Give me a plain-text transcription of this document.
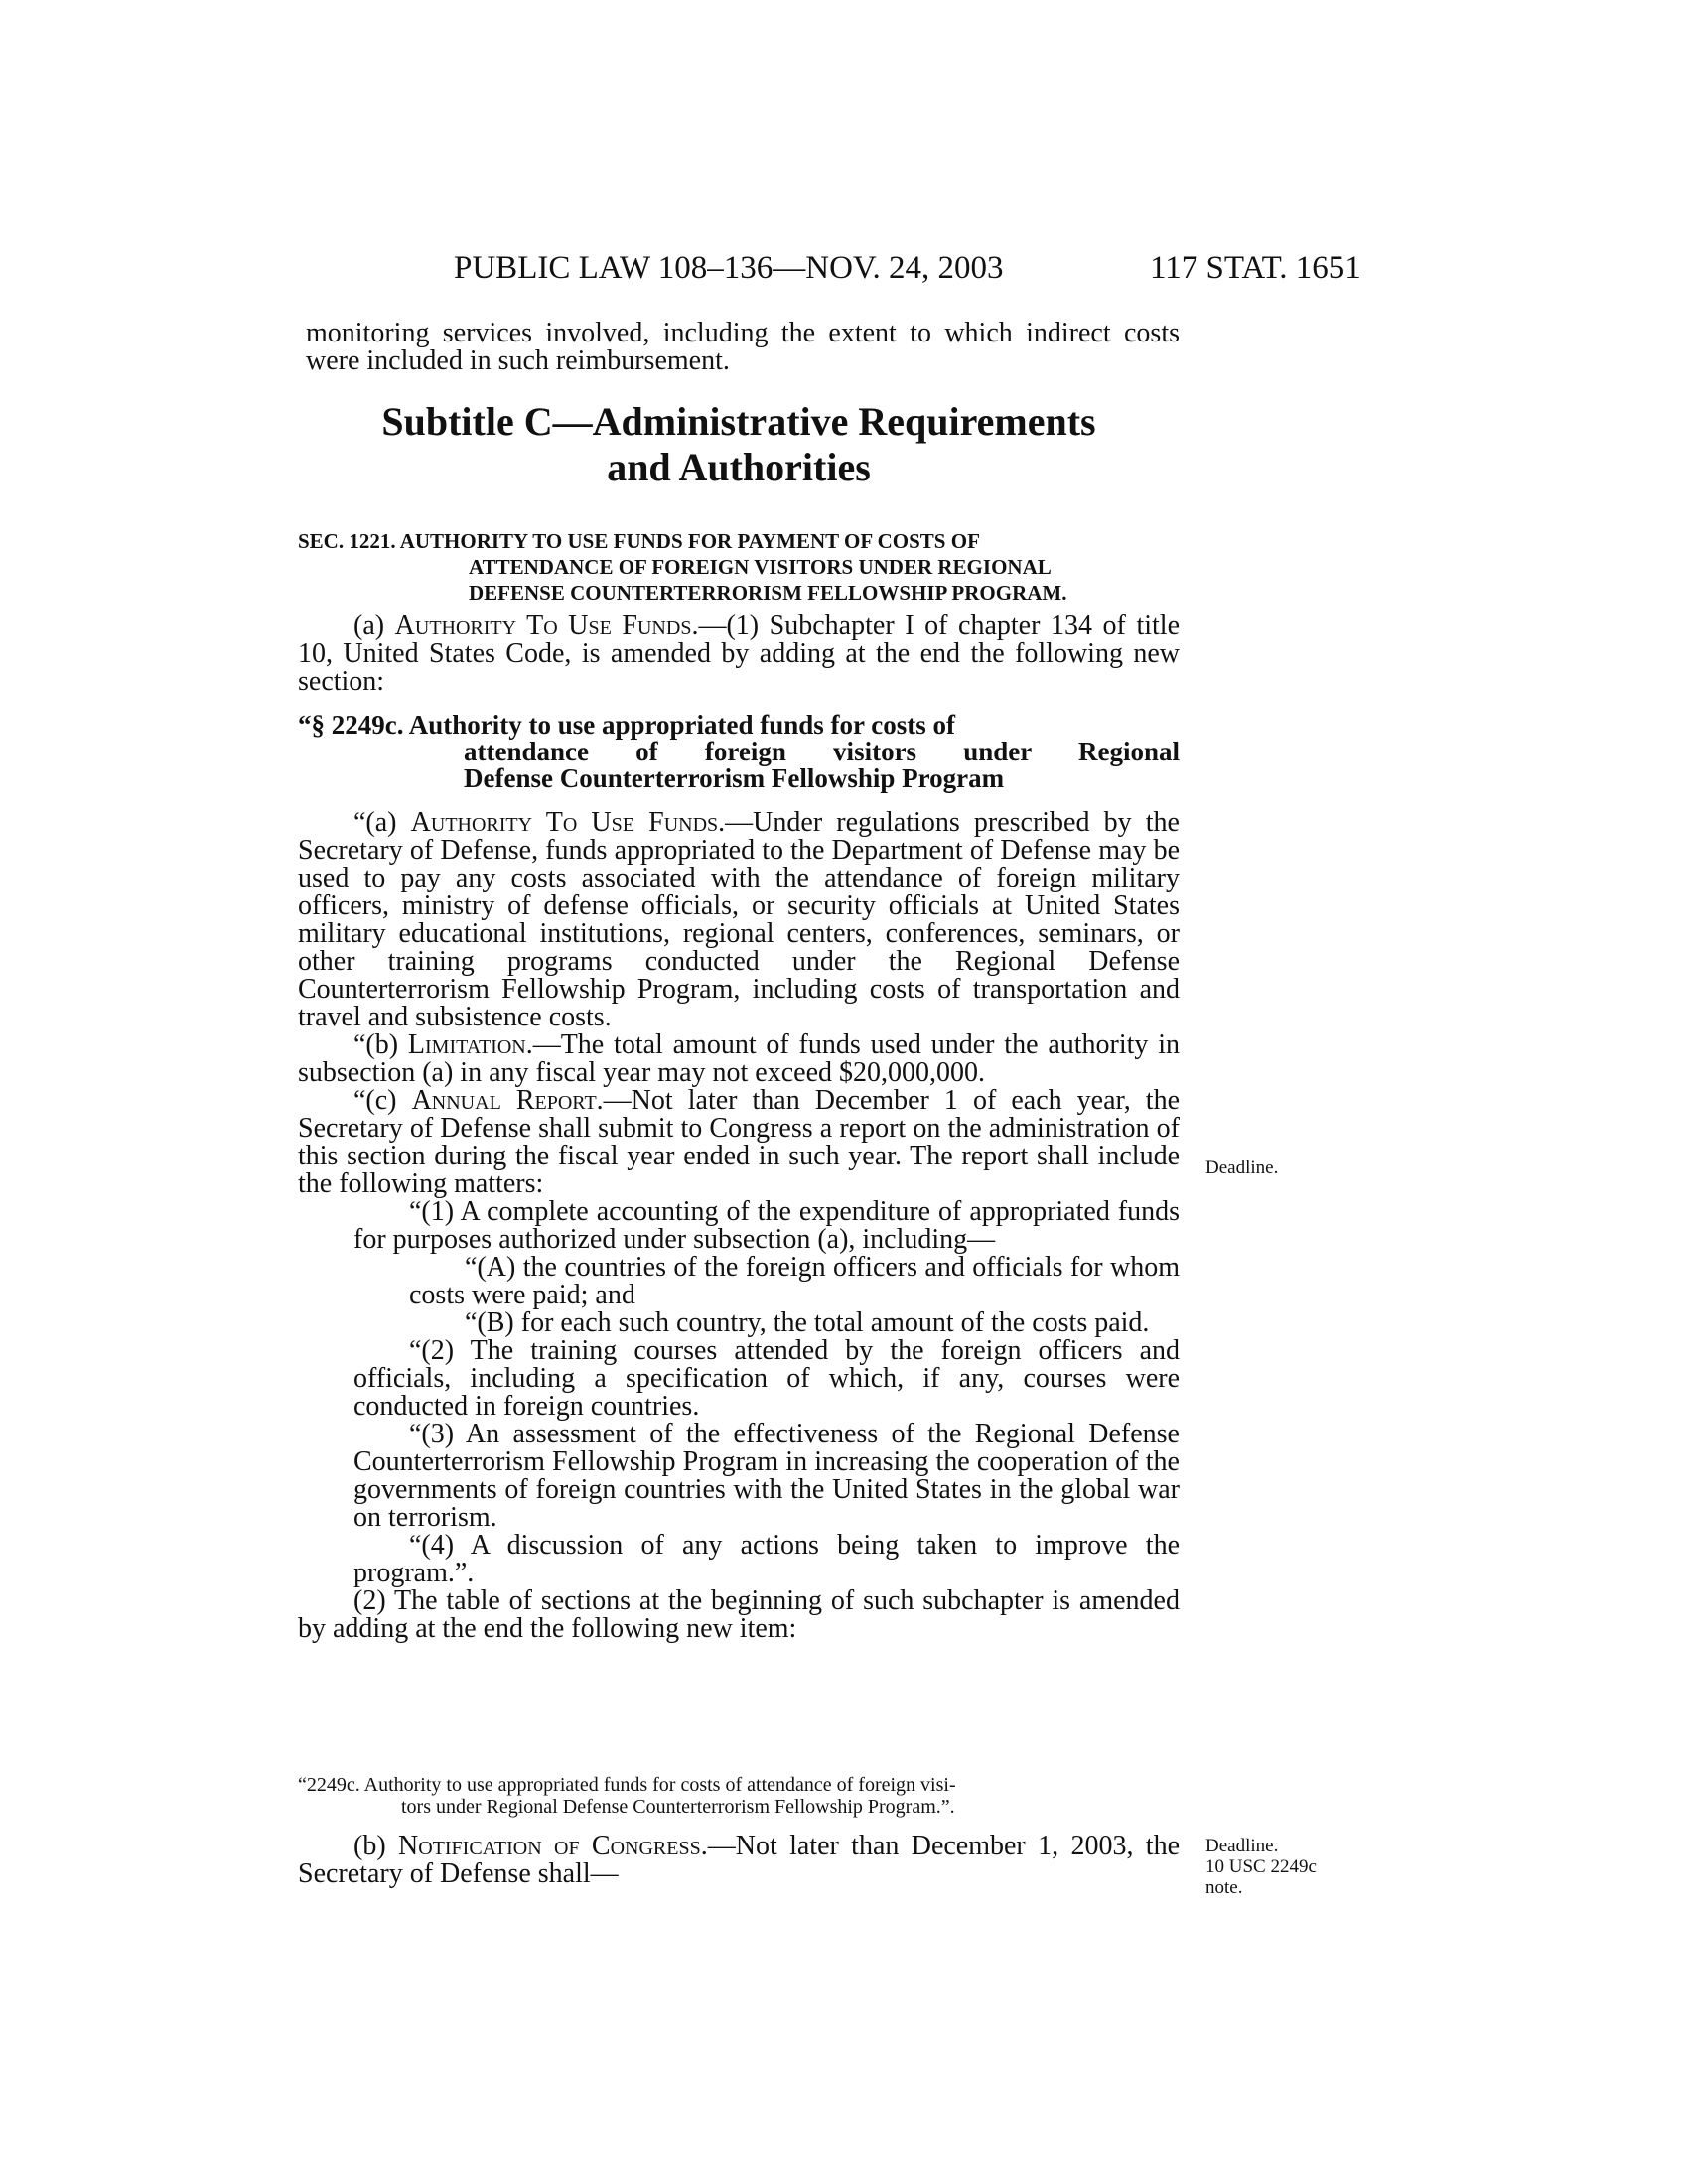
PUBLIC LAW 108–136—NOV. 24, 2003	117 STAT. 1651

monitoring services involved, including the extent to which indirect costs were included in such reimbursement.

Subtitle C—Administrative Requirements
and Authorities
SEC. 1221. AUTHORITY TO USE FUNDS FOR PAYMENT OF COSTS OF
ATTENDANCE OF FOREIGN VISITORS UNDER REGIONAL
DEFENSE COUNTERTERRORISM FELLOWSHIP PROGRAM.

(a) Authority To Use Funds.—(1) Subchapter I of chapter 134 of title 10, United States Code, is amended by adding at the end the following new section:

“§ 2249c. Authority to use appropriated funds for costs of
attendance of foreign visitors under Regional
Defense Counterterrorism Fellowship Program

“(a) Authority To Use Funds.—Under regulations prescribed by the Secretary of Defense, funds appropriated to the Department of Defense may be used to pay any costs associated with the attendance of foreign military officers, ministry of defense officials, or security officials at United States military educational institutions, regional centers, conferences, seminars, or other training programs conducted under the Regional Defense Counterterrorism Fellowship Program, including costs of transportation and travel and subsistence costs.

“(b) Limitation.—The total amount of funds used under the authority in subsection (a) in any fiscal year may not exceed $20,000,000.

“(c) Annual Report.—Not later than December 1 of each year, the Secretary of Defense shall submit to Congress a report on the administration of this section during the fiscal year ended in such year. The report shall include the following matters:

“(1) A complete accounting of the expenditure of appropriated funds for purposes authorized under subsection (a), including—

“(A) the countries of the foreign officers and officials for whom costs were paid; and

“(B) for each such country, the total amount of the costs paid.

“(2) The training courses attended by the foreign officers and officials, including a specification of which, if any, courses were conducted in foreign countries.

“(3) An assessment of the effectiveness of the Regional Defense Counterterrorism Fellowship Program in increasing the cooperation of the governments of foreign countries with the United States in the global war on terrorism.

“(4) A discussion of any actions being taken to improve the program.”.

(2) The table of sections at the beginning of such subchapter is amended by adding at the end the following new item:

“2249c. Authority to use appropriated funds for costs of attendance of foreign visi-
tors under Regional Defense Counterterrorism Fellowship Program.”.

(b) Notification of Congress.—Not later than December 1, 2003, the Secretary of Defense shall—

Deadline.
Deadline.
10 USC 2249c
note.
